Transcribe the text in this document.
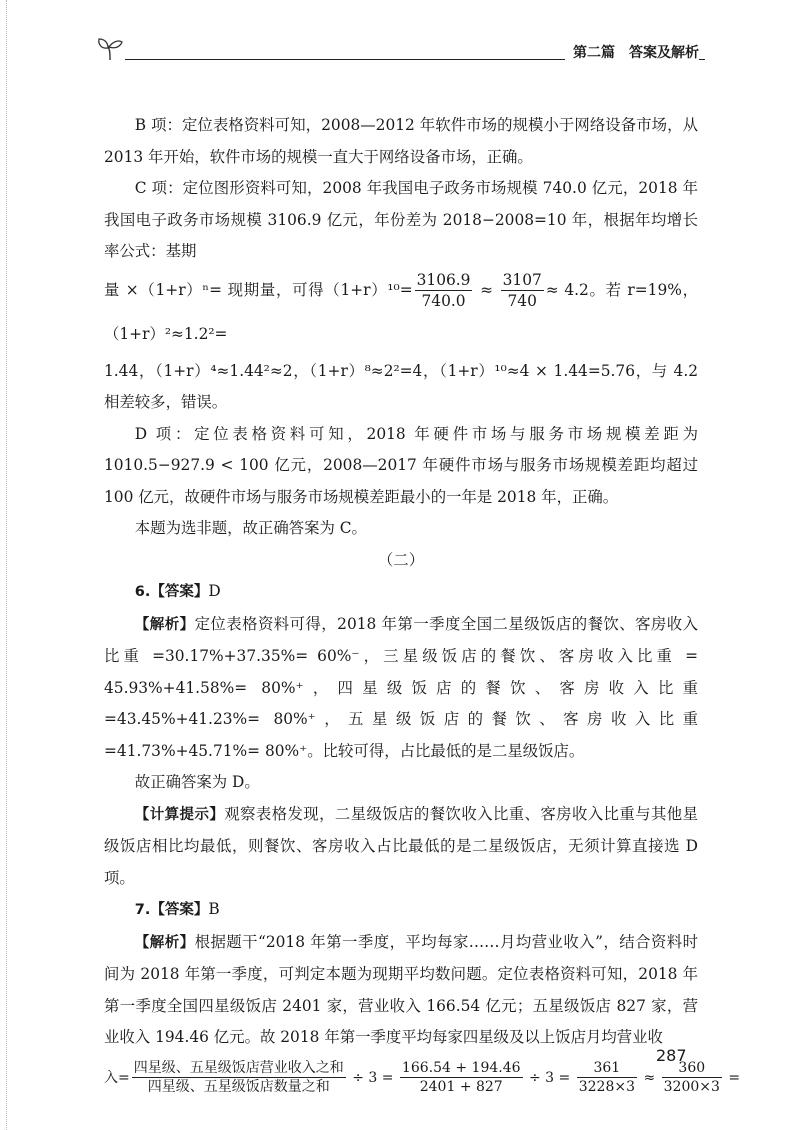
第二篇　答案及解析

B 项：定位表格资料可知，2008—2012 年软件市场的规模小于网络设备市场，从 2013 年开始，软件市场的规模一直大于网络设备市场，正确。

C 项：定位图形资料可知，2008 年我国电子政务市场规模 740.0 亿元，2018 年我国电子政务市场规模 3106.9 亿元，年份差为 2018−2008=10 年，根据年均增长率公式：基期

量 ×（1+r）ⁿ= 现期量，可得$(1+r)^{10}= \frac{3106.9}{740.0} \approx \frac{3107}{740} \approx 4.2$。若 r=19%，（1+r）²≈1.2²=

1.44，（1+r）⁴≈1.44²≈2，（1+r）⁸≈2²=4，（1+r）¹⁰≈4 × 1.44=5.76，与 4.2 相差较多，错误。

D 项：定位表格资料可知，2018 年硬件市场与服务市场规模差距为 1010.5−927.9 < 100 亿元，2008—2017 年硬件市场与服务市场规模差距均超过 100 亿元，故硬件市场与服务市场规模差距最小的一年是 2018 年，正确。

本题为选非题，故正确答案为 C。

（二）

6.【答案】D

【解析】定位表格资料可得，2018 年第一季度全国二星级饭店的餐饮、客房收入比重 =30.17%+37.35%= 60%⁻，三星级饭店的餐饮、客房收入比重 = 45.93%+41.58%= 80%⁺，四星级饭店的餐饮、客房收入比重 =43.45%+41.23%= 80%⁺，五星级饭店的餐饮、客房收入比重 =41.73%+45.71%= 80%⁺。比较可得，占比最低的是二星级饭店。

故正确答案为 D。

【计算提示】观察表格发现，二星级饭店的餐饮收入比重、客房收入比重与其他星级饭店相比均最低，则餐饮、客房收入占比最低的是二星级饭店，无须计算直接选 D 项。

7.【答案】B

【解析】根据题干“2018 年第一季度，平均每家……月均营业收入”，结合资料时间为 2018 年第一季度，可判定本题为现期平均数问题。定位表格资料可知，2018 年第一季度全国四星级饭店 2401 家，营业收入 166.54 亿元；五星级饭店 827 家，营业收入 194.46 亿元。故 2018 年第一季度平均每家四星级及以上饭店月均营业收

入= $\frac{\text{四星级、五星级饭店营业收入之和}}{\text{四星级、五星级饭店数量之和}} \div 3 = \frac{166.54 + 194.46}{2401 + 827} \div 3 = \frac{361}{3228\times 3} \approx \frac{360}{3200\times 3}$ =

287
